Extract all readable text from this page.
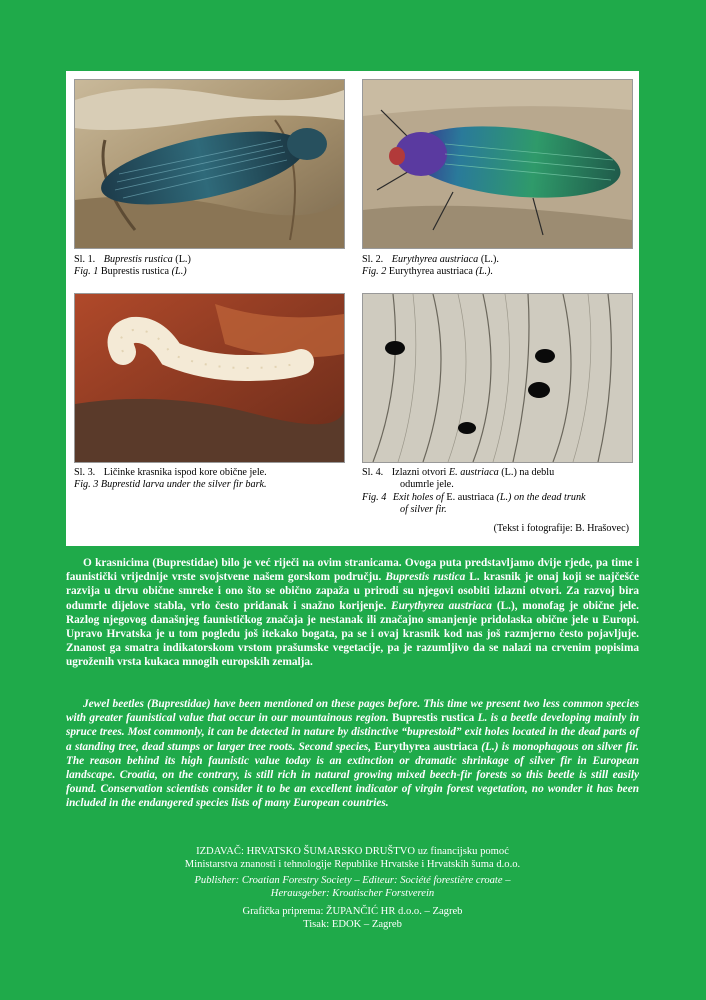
Sl. 1. Buprestis rustica (L.)
Fig. 1 Buprestis rustica (L.)
Sl. 2. Eurythyrea austriaca (L.).
Fig. 2 Eurythyrea austriaca (L.).
Sl. 3. Ličinke krasnika ispod kore obične jele.
Fig. 3 Buprestid larva under the silver fir bark.
Sl. 4. Izlazni otvori E. austriaca (L.) na deblu
odumrle jele.
Fig. 4 Exit holes of E. austriaca (L.) on the dead trunk
of silver fir.
(Tekst i fotografije: B. Hrašovec)

O krasnicima (Buprestidae) bilo je već riječi na ovim stranicama. Ovoga puta predstavljamo dvije rjede, pa time i faunistički vrijednije vrste svojstvene našem gorskom području. Buprestis rustica L. krasnik je onaj koji se najčešće razvija u drvu obične smreke i ono što se obično zapaža u prirodi su njegovi osobiti izlazni otvori. Za razvoj bira odumrle dijelove stabla, vrlo često pridanak i snažno korijenje. Eurythyrea austriaca (L.), monofag je obične jele. Razlog njegovog današnjeg faunističkog značaja je nestanak ili značajno smanjenje pridolaska obične jele u Europi. Upravo Hrvatska je u tom pogledu još itekako bogata, pa se i ovaj krasnik kod nas još razmjerno često pojavljuje. Znanost ga smatra indikatorskom vrstom prašumske vegetacije, pa je razumljivo da se nalazi na crvenim popisima ugroženih vrsta kukaca mnogih europskih zemalja.

Jewel beetles (Buprestidae) have been mentioned on these pages before. This time we present two less common species with greater faunistical value that occur in our mountainous region. Buprestis rustica L. is a beetle developing mainly in spruce trees. Most commonly, it can be detected in nature by distinctive “buprestoid” exit holes located in the dead parts of a standing tree, dead stumps or larger tree roots. Second species, Eurythyrea austriaca (L.) is monophagous on silver fir. The reason behind its high faunistic value today is an extinction or dramatic shrinkage of silver fir in European landscape. Croatia, on the contrary, is still rich in natural growing mixed beech-fir forests so this beetle is still easily found. Conservation scientists consider it to be an excellent indicator of virgin forest vegetation, no wonder it has been included in the endangered species lists of many European countries.

IZDAVAČ: HRVATSKO ŠUMARSKO DRUŠTVO uz financijsku pomoć
Ministarstva znanosti i tehnologije Republike Hrvatske i Hrvatskih šuma d.o.o.
Publisher: Croatian Forestry Society – Editeur: Société forestière croate –
Herausgeber: Kroatischer Forstverein
Grafička priprema: ŽUPANČIĆ HR d.o.o. – Zagreb
Tisak: EDOK – Zagreb
